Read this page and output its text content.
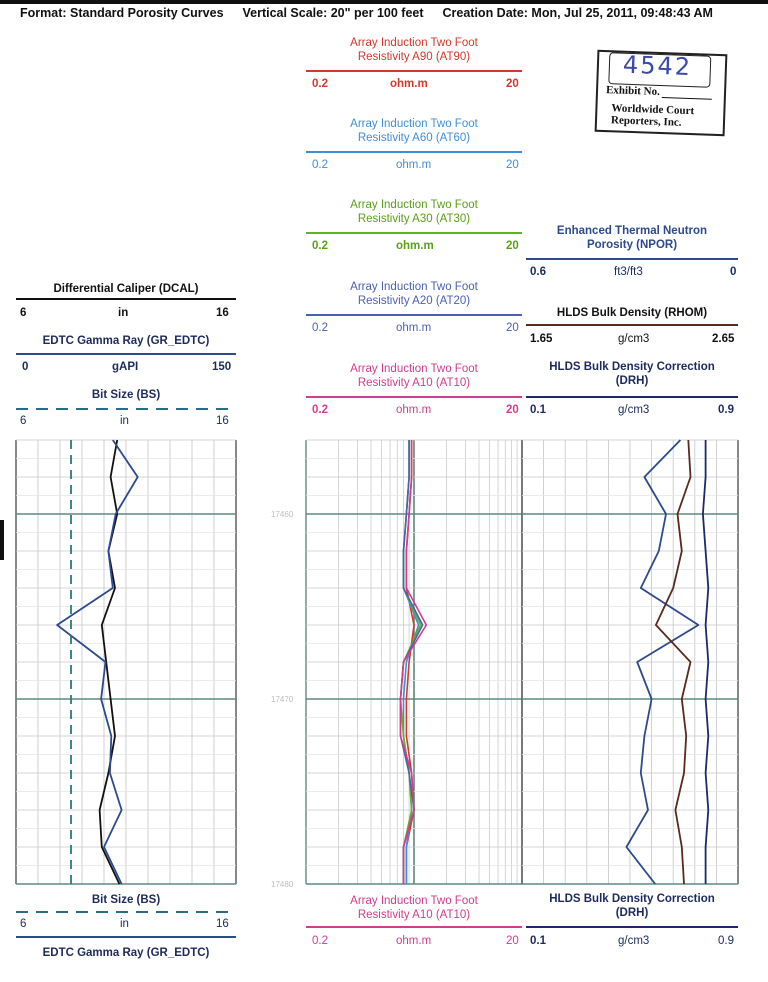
Format: Standard Porosity Curves Vertical Scale: 20" per 100 feet Creation Date: Mon, Jul 25, 2011, 09:48:43 AM
Differential Caliper (DCAL)
6	in	16
EDTC Gamma Ray (GR_EDTC)
0	gAPI	150
Bit Size (BS)
6	in	16
Array Induction Two Foot
Resistivity A90 (AT90)
0.2	ohm.m	20
Array Induction Two Foot
Resistivity A60 (AT60)
0.2	ohm.m	20
Array Induction Two Foot
Resistivity A30 (AT30)
0.2	ohm.m	20
Array Induction Two Foot
Resistivity A20 (AT20)
0.2	ohm.m	20
Array Induction Two Foot
Resistivity A10 (AT10)
0.2	ohm.m	20
Enhanced Thermal Neutron
Porosity (NPOR)
0.6	ft3/ft3	0
HLDS Bulk Density (RHOM)
1.65	g/cm3	2.65
HLDS Bulk Density Correction
(DRH)
0.1	g/cm3	0.9
4542
Exhibit No.
Worldwide Court
Reporters, Inc.
17460
17470
17480
Bit Size (BS)
6	in	16
EDTC Gamma Ray (GR_EDTC)
Array Induction Two Foot
Resistivity A10 (AT10)
0.2	ohm.m	20
HLDS Bulk Density Correction
(DRH)
0.1	g/cm3	0.9
